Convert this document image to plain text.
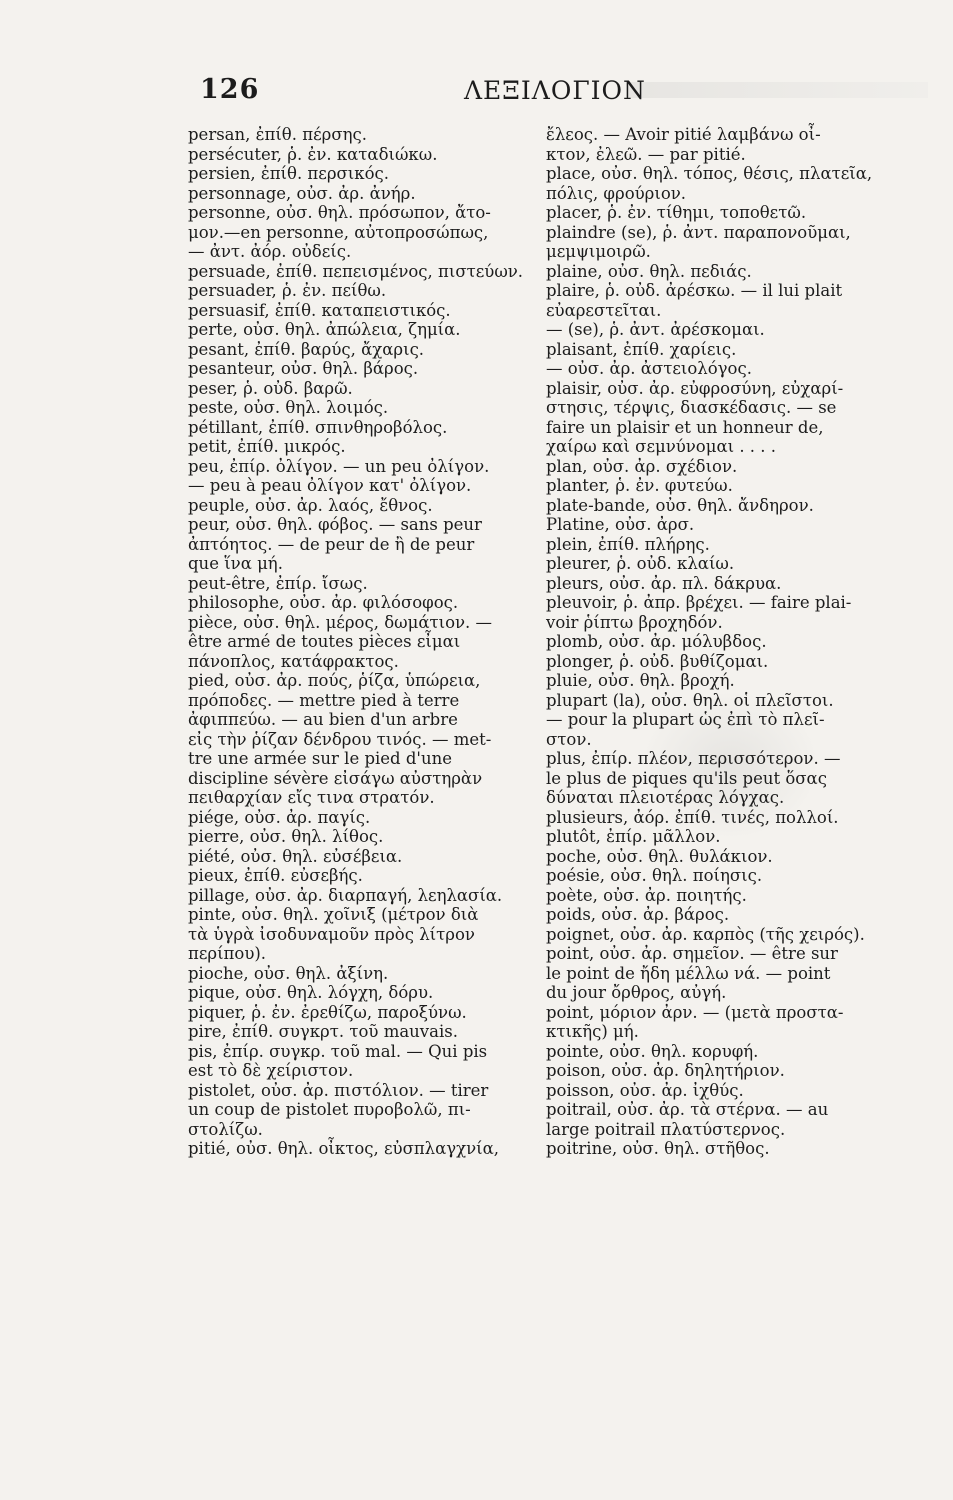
126	ΛΕΞΙΛΟΓΙΟΝ

persan, ἐπίθ. πέρσης.

persécuter, ῥ. ἐν. καταδιώκω.

persien, ἐπίθ. περσικός.

personnage, οὐσ. ἀρ. ἀνήρ.

personne, οὐσ. θηλ. πρόσωπον, ἄτο-
μον.—en personne, αὐτοπροσώπως,
— ἀντ. ἀόρ. οὐδείς.

persuade, ἐπίθ. πεπεισμένος, πιστεύων.

persuader, ῥ. ἐν. πείθω.

persuasif, ἐπίθ. καταπειστικός.

perte, οὐσ. θηλ. ἀπώλεια, ζημία.

pesant, ἐπίθ. βαρύς, ἄχαρις.

pesanteur, οὐσ. θηλ. βάρος.

peser, ῥ. οὐδ. βαρῶ.

peste, οὐσ. θηλ. λοιμός.

pétillant, ἐπίθ. σπινθηροβόλος.

petit, ἐπίθ. μικρός.

peu, ἐπίρ. ὀλίγον. — un peu ὀλίγον.
— peu à peau ὀλίγον κατ' ὀλίγον.

peuple, οὐσ. ἀρ. λαός, ἔθνος.

peur, οὐσ. θηλ. φόβος. — sans peur
ἀπτόητος. — de peur de ἢ de peur
que ἵνα μή.

peut-être, ἐπίρ. ἴσως.

philosophe, οὐσ. ἀρ. φιλόσοφος.

pièce, οὐσ. θηλ. μέρος, δωμάτιον. —
être armé de toutes pièces εἶμαι
πάνοπλος, κατάφρακτος.

pied, οὐσ. ἀρ. πούς, ῥίζα, ὑπώρεια,
πρόποδες. — mettre pied à terre
ἀφιππεύω. — au bien d'un arbre
εἰς τὴν ῥίζαν δένδρου τινός. — met-
tre une armée sur le pied d'une
discipline sévère εἰσάγω αὐστηρὰν
πειθαρχίαν εἴς τινα στρατόν.

piége, οὐσ. ἀρ. παγίς.

pierre, οὐσ. θηλ. λίθος.

piété, οὐσ. θηλ. εὐσέβεια.

pieux, ἐπίθ. εὐσεβής.

pillage, οὐσ. ἀρ. διαρπαγή, λεηλασία.

pinte, οὐσ. θηλ. χοῖνιξ (μέτρον διὰ
τὰ ὑγρὰ ἰσοδυναμοῦν πρὸς λίτρον
περίπου).

pioche, οὐσ. θηλ. ἀξίνη.

pique, οὐσ. θηλ. λόγχη, δόρυ.

piquer, ῥ. ἐν. ἐρεθίζω, παροξύνω.

pire, ἐπίθ. συγκρτ. τοῦ mauvais.

pis, ἐπίρ. συγκρ. τοῦ mal. — Qui pis
est τὸ δὲ χείριστον.

pistolet, οὐσ. ἀρ. πιστόλιον. — tirer
un coup de pistolet πυροβολῶ, πι-
στολίζω.

pitié, οὐσ. θηλ. οἶκτος, εὐσπλαγχνία,

ἔλεος. — Avoir pitié λαμβάνω οἶ-
κτον, ἐλεῶ. — par pitié.

place, οὐσ. θηλ. τόπος, θέσις, πλατεῖα,
πόλις, φρούριον.

placer, ῥ. ἐν. τίθημι, τοποθετῶ.

plaindre (se), ῥ. ἀντ. παραπονοῦμαι,
μεμψιμοιρῶ.

plaine, οὐσ. θηλ. πεδιάς.

plaire, ῥ. οὐδ. ἀρέσκω. — il lui plait
εὐαρεστεῖται.

— (se), ῥ. ἀντ. ἀρέσκομαι.

plaisant, ἐπίθ. χαρίεις.

— οὐσ. ἀρ. ἀστειολόγος.

plaisir, οὐσ. ἀρ. εὐφροσύνη, εὐχαρί-
στησις, τέρψις, διασκέδασις. — se
faire un plaisir et un honneur de,
χαίρω καὶ σεμνύνομαι . . . .

plan, οὐσ. ἀρ. σχέδιον.

planter, ῥ. ἐν. φυτεύω.

plate-bande, οὐσ. θηλ. ἄνδηρον.

Platine, οὐσ. ἀρσ.

plein, ἐπίθ. πλήρης.

pleurer, ῥ. οὐδ. κλαίω.

pleurs, οὐσ. ἀρ. πλ. δάκρυα.

pleuvoir, ῥ. ἀπρ. βρέχει. — faire plai-
voir ῥίπτω βροχηδόν.

plomb, οὐσ. ἀρ. μόλυβδος.

plonger, ῥ. οὐδ. βυθίζομαι.

pluie, οὐσ. θηλ. βροχή.

plupart (la), οὐσ. θηλ. οἱ πλεῖστοι.
— pour la plupart ὡς ἐπὶ τὸ πλεῖ-
στον.

plus, ἐπίρ. πλέον, περισσότερον. —
le plus de piques qu'ils peut ὅσας
δύναται πλειοτέρας λόγχας.

plusieurs, ἀόρ. ἐπίθ. τινές, πολλοί.

plutôt, ἐπίρ. μᾶλλον.

poche, οὐσ. θηλ. θυλάκιον.

poésie, οὐσ. θηλ. ποίησις.

poète, οὐσ. ἀρ. ποιητής.

poids, οὐσ. ἀρ. βάρος.

poignet, οὐσ. ἀρ. καρπὸς (τῆς χειρός).

point, οὐσ. ἀρ. σημεῖον. — être sur
le point de ἤδη μέλλω νά. — point
du jour ὄρθρος, αὐγή.

point, μόριον ἀρν. — (μετὰ προστα-
κτικῆς) μή.

pointe, οὐσ. θηλ. κορυφή.

poison, οὐσ. ἀρ. δηλητήριον.

poisson, οὐσ. ἀρ. ἰχθύς.

poitrail, οὐσ. ἀρ. τὰ στέρνα. — au
large poitrail πλατύστερνος.

poitrine, οὐσ. θηλ. στῆθος.
